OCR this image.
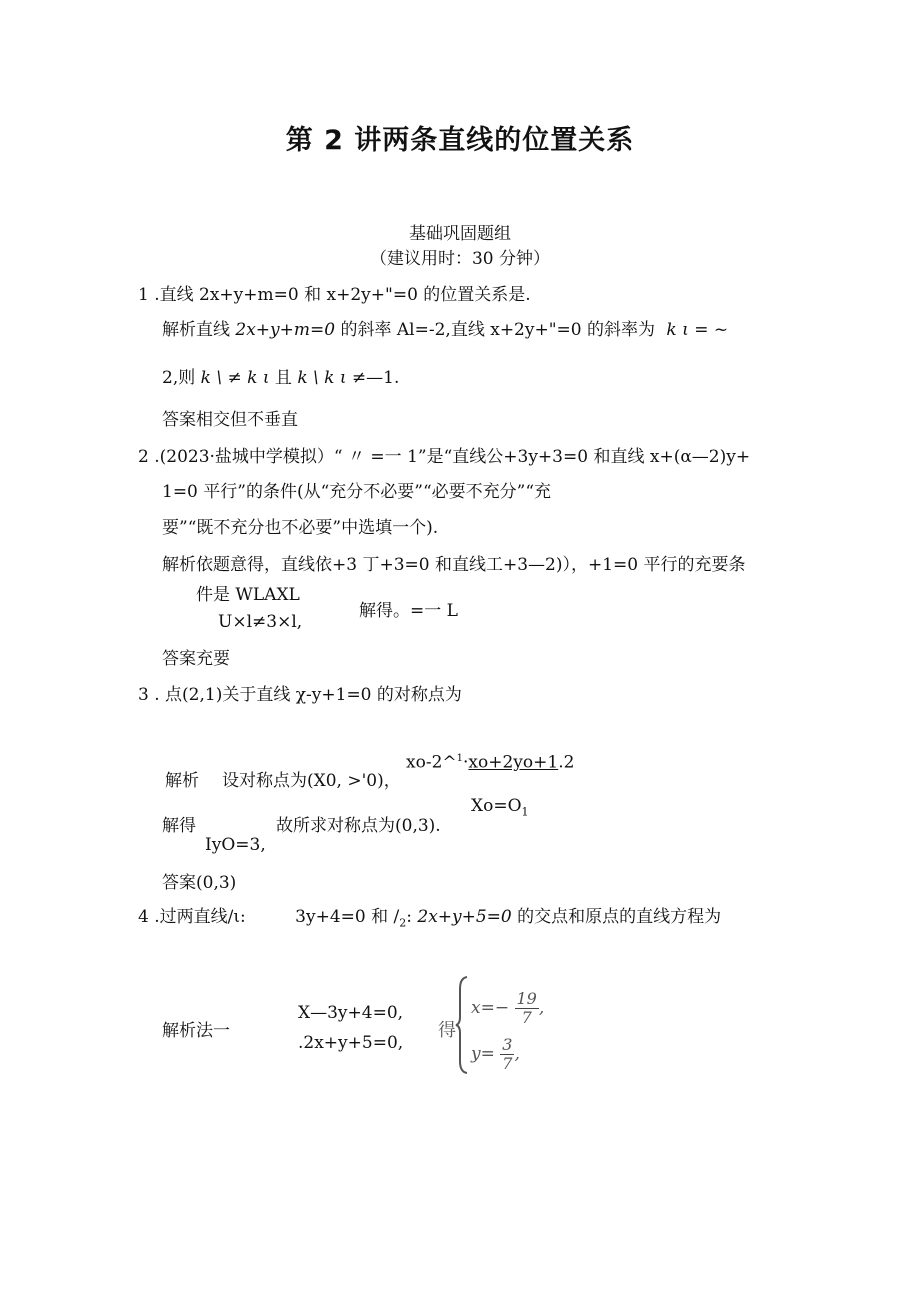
第 2 讲两条直线的位置关系
基础巩固题组
（建议用时：30 分钟）
1 .直线 2x+y+m=0 和 x+2y+"=0 的位置关系是.
解析直线 2x+y+m=0 的斜率 Al=-2,直线 x+2y+"=0 的斜率为 k ι = ~
2,则 k \ ≠ k ι 且 k \ k ι ≠—1.
答案相交但不垂直
2 .(2023·盐城中学模拟）“ 〃 =一 1”是“直线公+3y+3=0 和直线 x+(α—2)y+
1=0 平行”的条件(从“充分不必要”“必要不充分”“充
要”“既不充分也不必要”中选填一个).
解析依题意得，直线依+3 丁+3=0 和直线工+3—2)），+1=0 平行的充要条
件是 WLAXL
U×l≠3×l,
解得。=一 L
答案充要
3 . 点(2,1)关于直线 χ-y+1=0 的对称点为
xo-2^$^1$·xo+2yo+1.2
解析 设对称点为(X0, >'0)，
$Xo=O_1$
解得	故所求对称点为(0,3).
IyO=3,
答案(0,3)
4 .过两直线∕ι:	3y+4=0 和 $/_2$: 2x+y+5=0 的交点和原点的直线方程为
X—3y+4=0,
解析法一
.2x+y+5=0,
得
$x=- \frac{19}{7}$ ,
$y= \frac{3}{7}$ ,
